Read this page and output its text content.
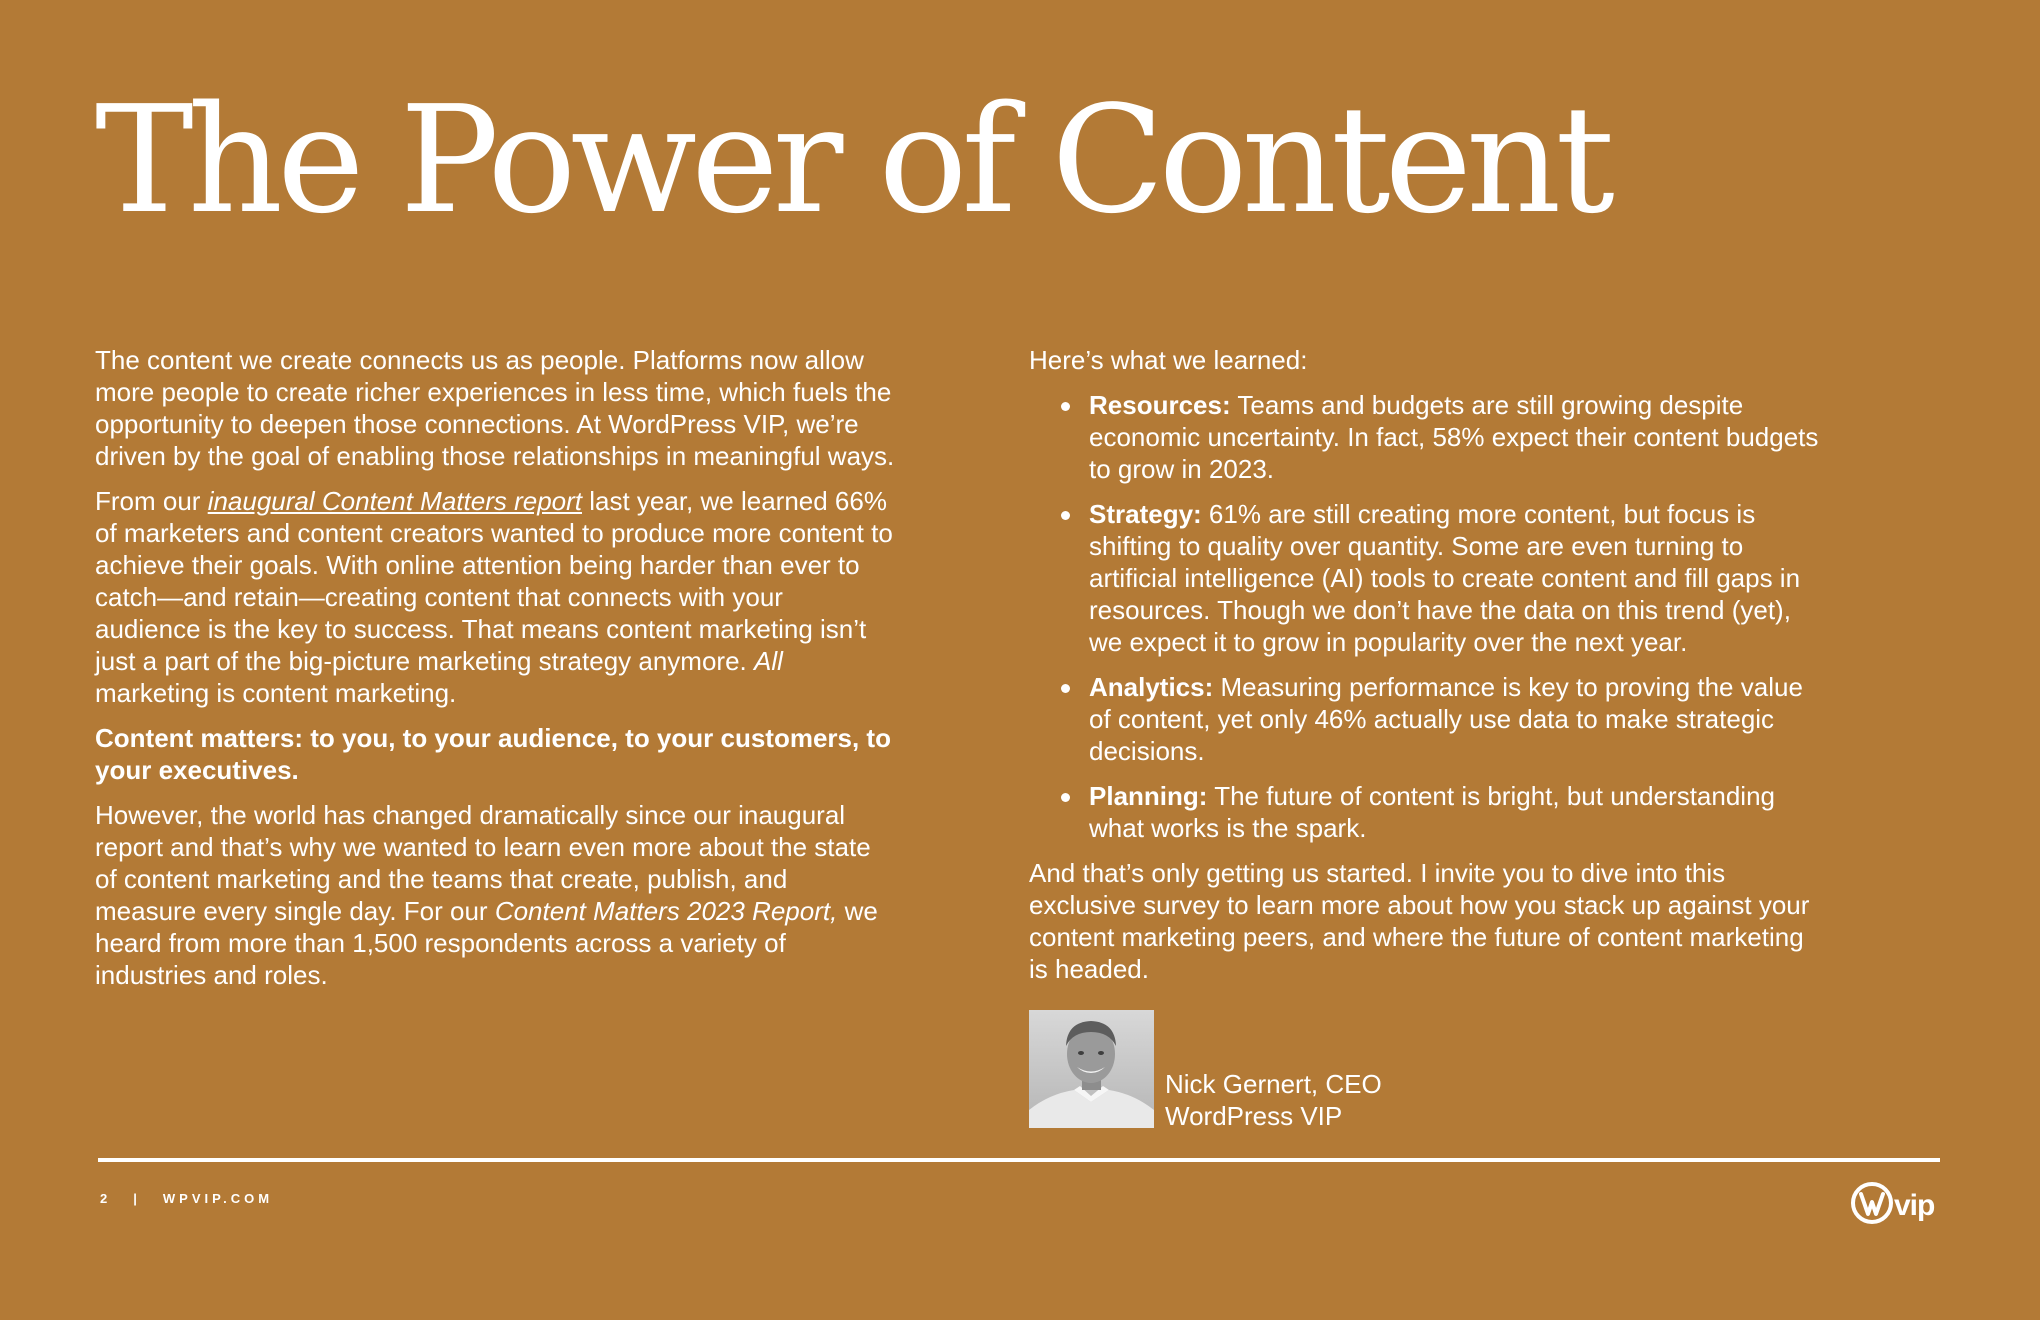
The Power of Content

The content we create connects us as people. Platforms now allow more people to create richer experiences in less time, which fuels the opportunity to deepen those connections. At WordPress VIP, we’re driven by the goal of enabling those relationships in meaningful ways.

From our inaugural Content Matters report last year, we learned 66% of marketers and content creators wanted to produce more content to achieve their goals. With online attention being harder than ever to catch—and retain—creating content that connects with your audience is the key to success. That means content marketing isn’t just a part of the big-picture marketing strategy anymore. All marketing is content marketing.

Content matters: to you, to your audience, to your customers, to your executives.

However, the world has changed dramatically since our inaugural report and that’s why we wanted to learn even more about the state of content marketing and the teams that create, publish, and measure every single day. For our Content Matters 2023 Report, we heard from more than 1,500 respondents across a variety of industries and roles.

Here’s what we learned:

Resources: Teams and budgets are still growing despite economic uncertainty. In fact, 58% expect their content budgets to grow in 2023.
Strategy: 61% are still creating more content, but focus is shifting to quality over quantity. Some are even turning to artificial intelligence (AI) tools to create content and fill gaps in resources. Though we don’t have the data on this trend (yet), we expect it to grow in popularity over the next year.
Analytics: Measuring performance is key to proving the value of content, yet only 46% actually use data to make strategic decisions.
Planning: The future of content is bright, but understanding what works is the spark.

And that’s only getting us started. I invite you to dive into this exclusive survey to learn more about how you stack up against your content marketing peers, and where the future of content marketing is headed.

Nick Gernert, CEO
WordPress VIP
2 | WPVIP.COM	vip
